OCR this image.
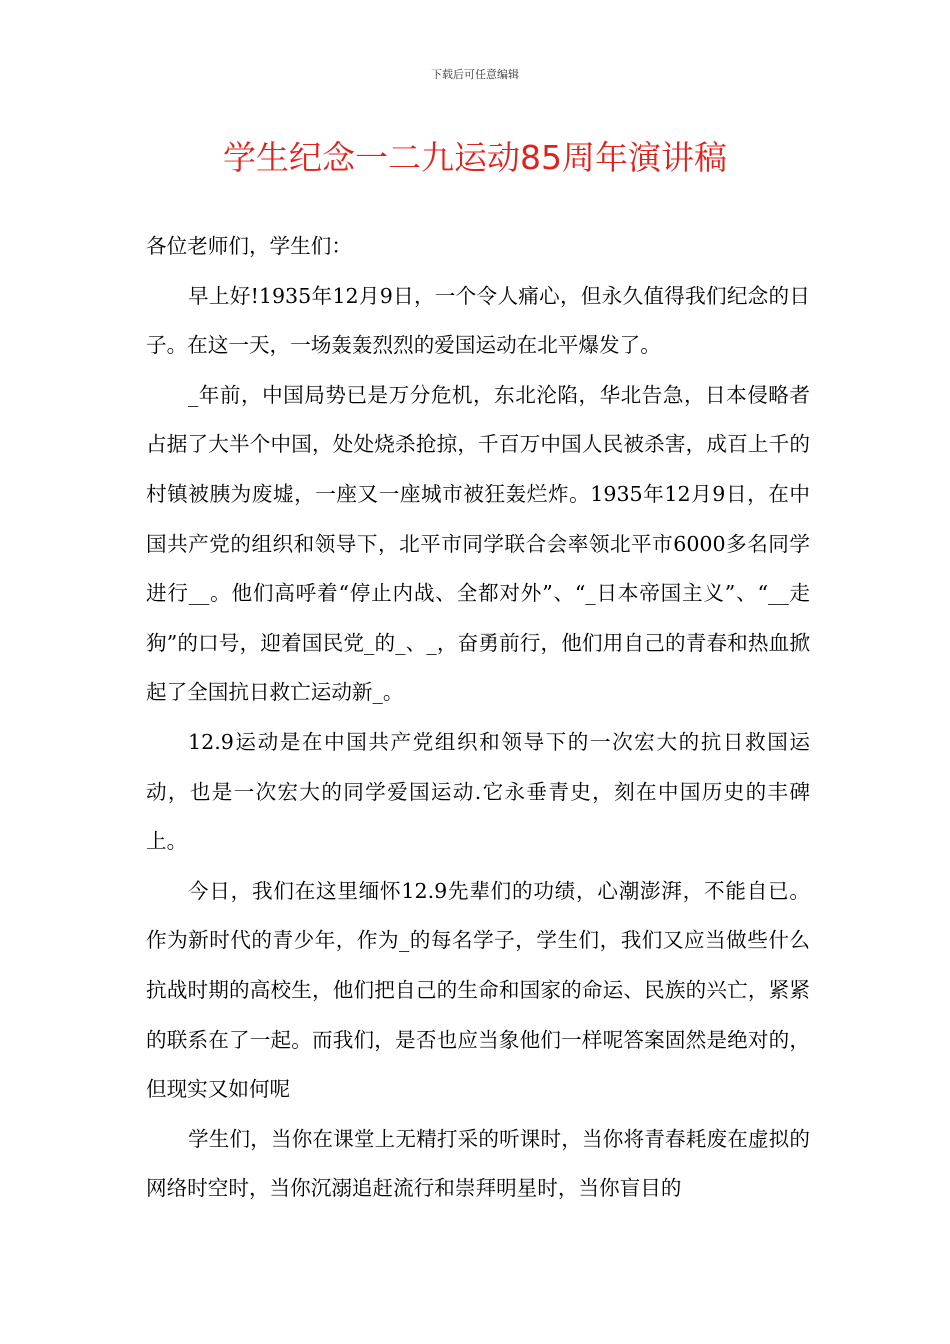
下载后可任意编辑
学生纪念一二九运动85周年演讲稿

各位老师们，学生们：

早上好!1935年12月9日，一个令人痛心，但永久值得我们纪念的日子。在这一天，一场轰轰烈烈的爱国运动在北平爆发了。

_年前，中国局势已是万分危机，东北沦陷，华北告急，日本侵略者占据了大半个中国，处处烧杀抢掠，千百万中国人民被杀害，成百上千的村镇被胰为废墟，一座又一座城市被狂轰烂炸。1935年12月9日，在中国共产党的组织和领导下，北平市同学联合会率领北平市6000多名同学进行__。他们高呼着“停止内战、全都对外”、“_日本帝国主义”、“__走狗”的口号，迎着国民党_的_、_，奋勇前行，他们用自己的青春和热血掀起了全国抗日救亡运动新_。

12.9运动是在中国共产党组织和领导下的一次宏大的抗日救国运动，也是一次宏大的同学爱国运动.它永垂青史，刻在中国历史的丰碑上。

今日，我们在这里缅怀12.9先辈们的功绩，心潮澎湃，不能自已。作为新时代的青少年，作为_的每名学子，学生们，我们又应当做些什么抗战时期的高校生，他们把自己的生命和国家的命运、民族的兴亡，紧紧的联系在了一起。而我们，是否也应当象他们一样呢答案固然是绝对的，但现实又如何呢

学生们，当你在课堂上无精打采的听课时，当你将青春耗废在虚拟的网络时空时，当你沉溺追赶流行和崇拜明星时，当你盲目的
